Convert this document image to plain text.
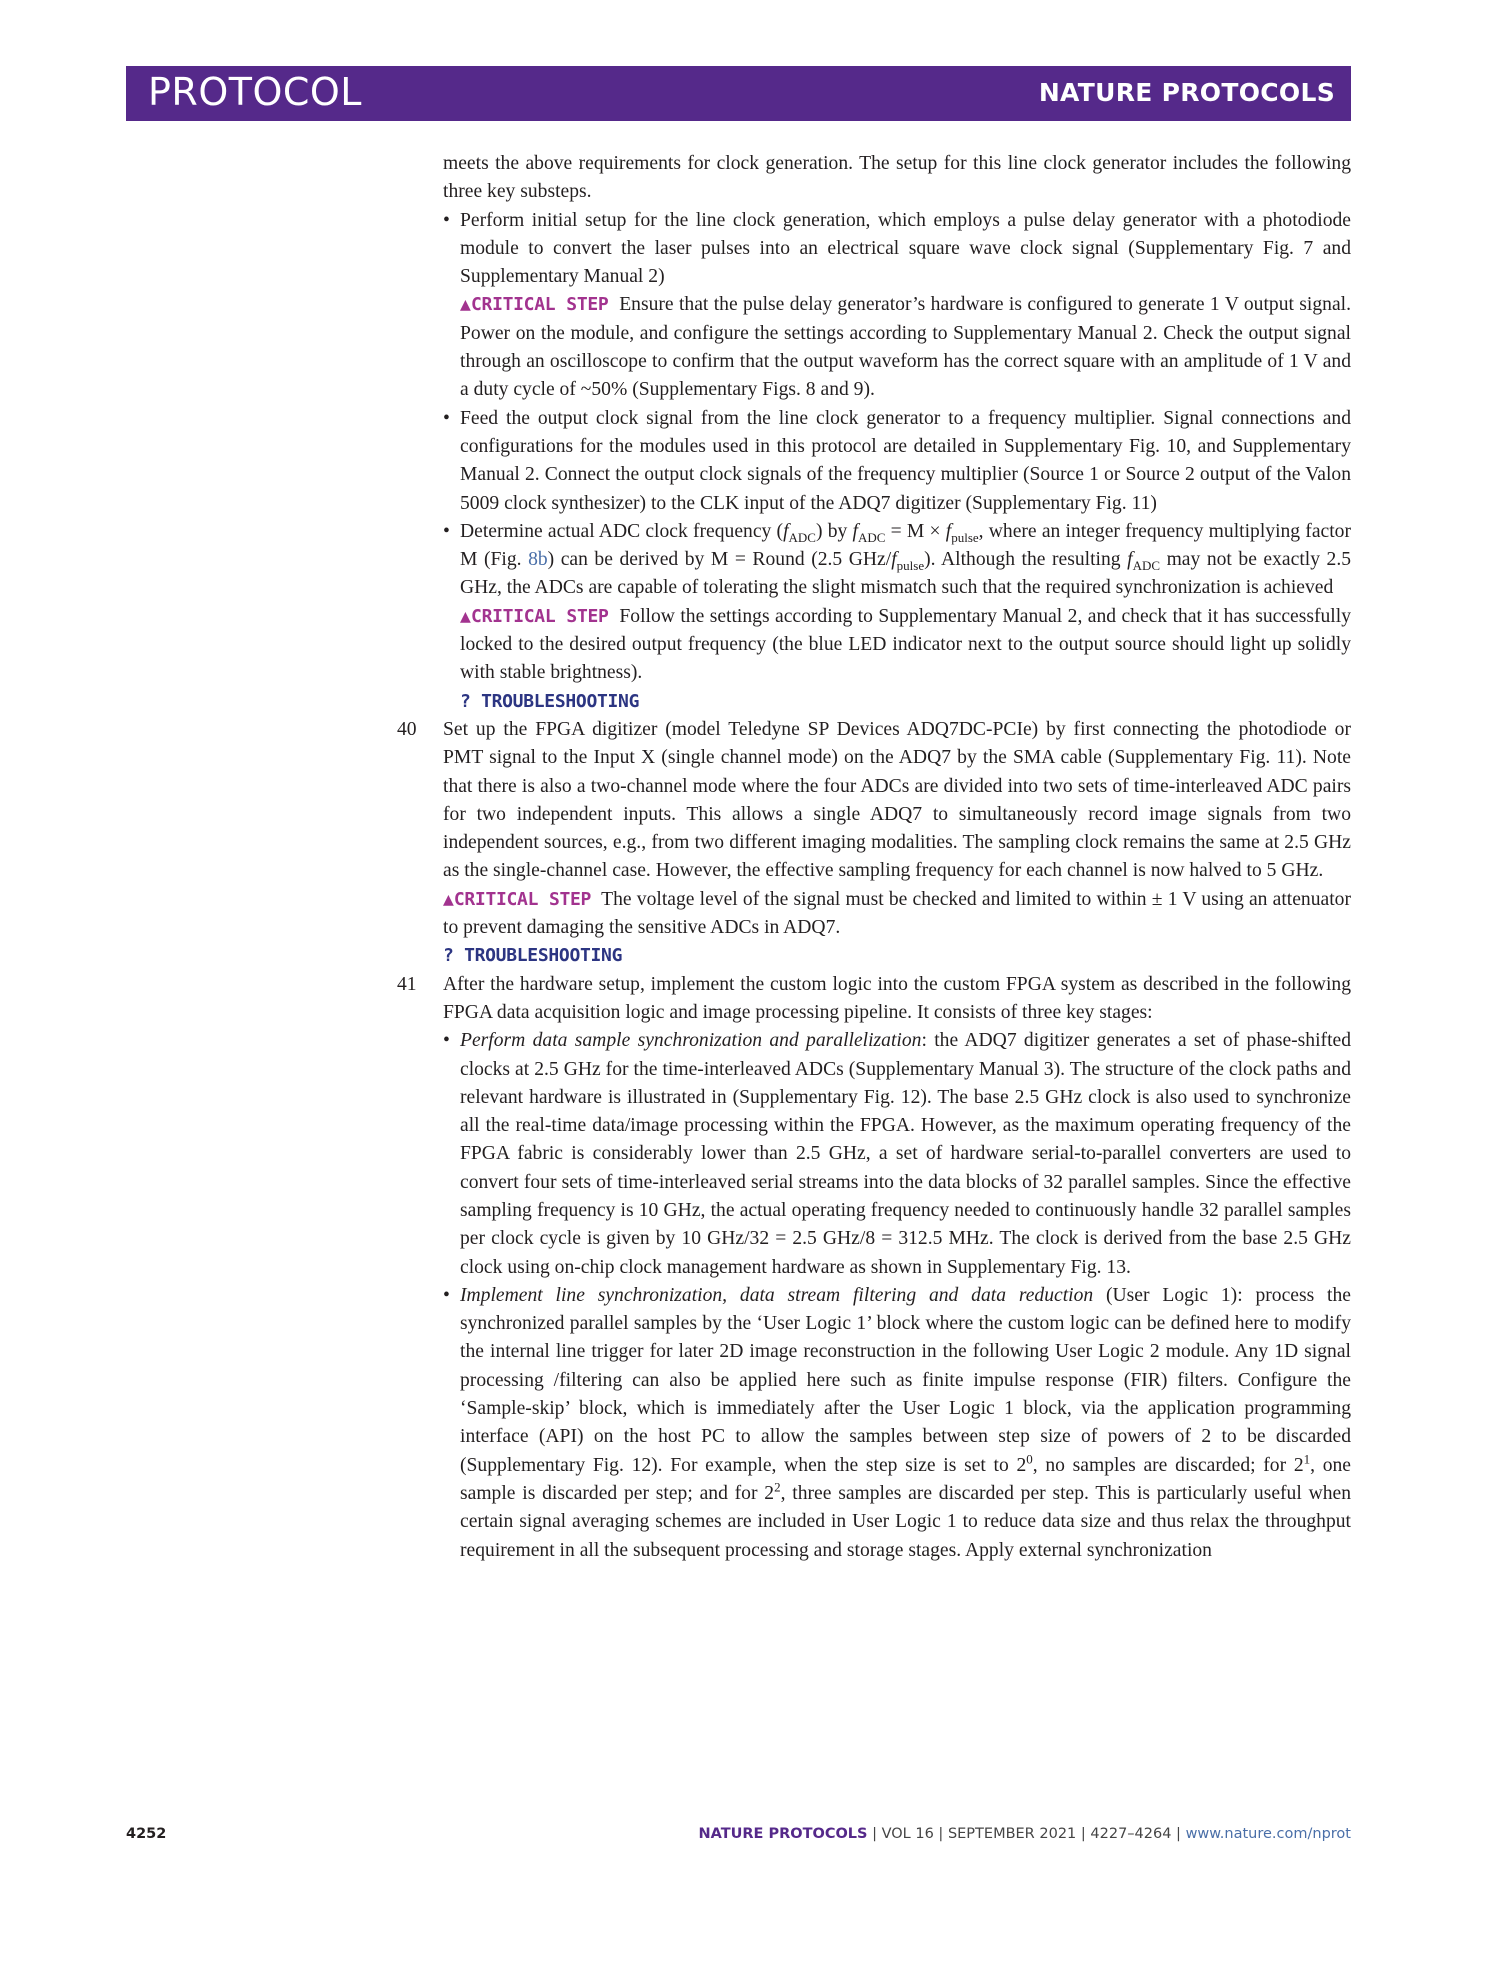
PROTOCOL	NATURE PROTOCOLS

meets the above requirements for clock generation. The setup for this line clock generator includes the following three key substeps.

• Perform initial setup for the line clock generation, which employs a pulse delay generator with a photodiode module to convert the laser pulses into an electrical square wave clock signal (Supplementary Fig. 7 and Supplementary Manual 2)

▲CRITICAL STEP Ensure that the pulse delay generator’s hardware is configured to generate 1 V output signal. Power on the module, and configure the settings according to Supplementary Manual 2. Check the output signal through an oscilloscope to confirm that the output waveform has the correct square with an amplitude of 1 V and a duty cycle of ~50% (Supplementary Figs. 8 and 9).

• Feed the output clock signal from the line clock generator to a frequency multiplier. Signal connections and configurations for the modules used in this protocol are detailed in Supplementary Fig. 10, and Supplementary Manual 2. Connect the output clock signals of the frequency multiplier (Source 1 or Source 2 output of the Valon 5009 clock synthesizer) to the CLK input of the ADQ7 digitizer (Supplementary Fig. 11)

• Determine actual ADC clock frequency $(f_{ADC})$ by $f_{ADC} = M \times f_{pulse}$, where an integer frequency multiplying factor M (Fig. 8b) can be derived by M = Round (2.5 GHz/$f_{pulse}$). Although the resulting $f_{ADC}$ may not be exactly 2.5 GHz, the ADCs are capable of tolerating the slight mismatch such that the required synchronization is achieved

▲CRITICAL STEP Follow the settings according to Supplementary Manual 2, and check that it has successfully locked to the desired output frequency (the blue LED indicator next to the output source should light up solidly with stable brightness).

? TROUBLESHOOTING

40 Set up the FPGA digitizer (model Teledyne SP Devices ADQ7DC-PCIe) by first connecting the photodiode or PMT signal to the Input X (single channel mode) on the ADQ7 by the SMA cable (Supplementary Fig. 11). Note that there is also a two-channel mode where the four ADCs are divided into two sets of time-interleaved ADC pairs for two independent inputs. This allows a single ADQ7 to simultaneously record image signals from two independent sources, e.g., from two different imaging modalities. The sampling clock remains the same at 2.5 GHz as the single-channel case. However, the effective sampling frequency for each channel is now halved to 5 GHz.

▲CRITICAL STEP The voltage level of the signal must be checked and limited to within ± 1 V using an attenuator to prevent damaging the sensitive ADCs in ADQ7.

? TROUBLESHOOTING
41 After the hardware setup, implement the custom logic into the custom FPGA system as described in the following FPGA data acquisition logic and image processing pipeline. It consists of three key stages:

• Perform data sample synchronization and parallelization: the ADQ7 digitizer generates a set of phase-shifted clocks at 2.5 GHz for the time-interleaved ADCs (Supplementary Manual 3). The structure of the clock paths and relevant hardware is illustrated in (Supplementary Fig. 12). The base 2.5 GHz clock is also used to synchronize all the real-time data/image processing within the FPGA. However, as the maximum operating frequency of the FPGA fabric is considerably lower than 2.5 GHz, a set of hardware serial-to-parallel converters are used to convert four sets of time-interleaved serial streams into the data blocks of 32 parallel samples. Since the effective sampling frequency is 10 GHz, the actual operating frequency needed to continuously handle 32 parallel samples per clock cycle is given by 10 GHz/32 = 2.5 GHz/8 = 312.5 MHz. The clock is derived from the base 2.5 GHz clock using on-chip clock management hardware as shown in Supplementary Fig. 13.

• Implement line synchronization, data stream filtering and data reduction (User Logic 1): process the synchronized parallel samples by the ‘User Logic 1’ block where the custom logic can be defined here to modify the internal line trigger for later 2D image reconstruction in the following User Logic 2 module. Any 1D signal processing /filtering can also be applied here such as finite impulse response (FIR) filters. Configure the ‘Sample-skip’ block, which is immediately after the User Logic 1 block, via the application programming interface (API) on the host PC to allow the samples between step size of powers of 2 to be discarded (Supplementary Fig. 12). For example, when the step size is set to $2^0$, no samples are discarded; for $2^1$, one sample is discarded per step; and for $2^2$, three samples are discarded per step. This is particularly useful when certain signal averaging schemes are included in User Logic 1 to reduce data size and thus relax the throughput requirement in all the subsequent processing and storage stages. Apply external synchronization

4252	NATURE PROTOCOLS | VOL 16 | SEPTEMBER 2021 | 4227–4264 | www.nature.com/nprot
